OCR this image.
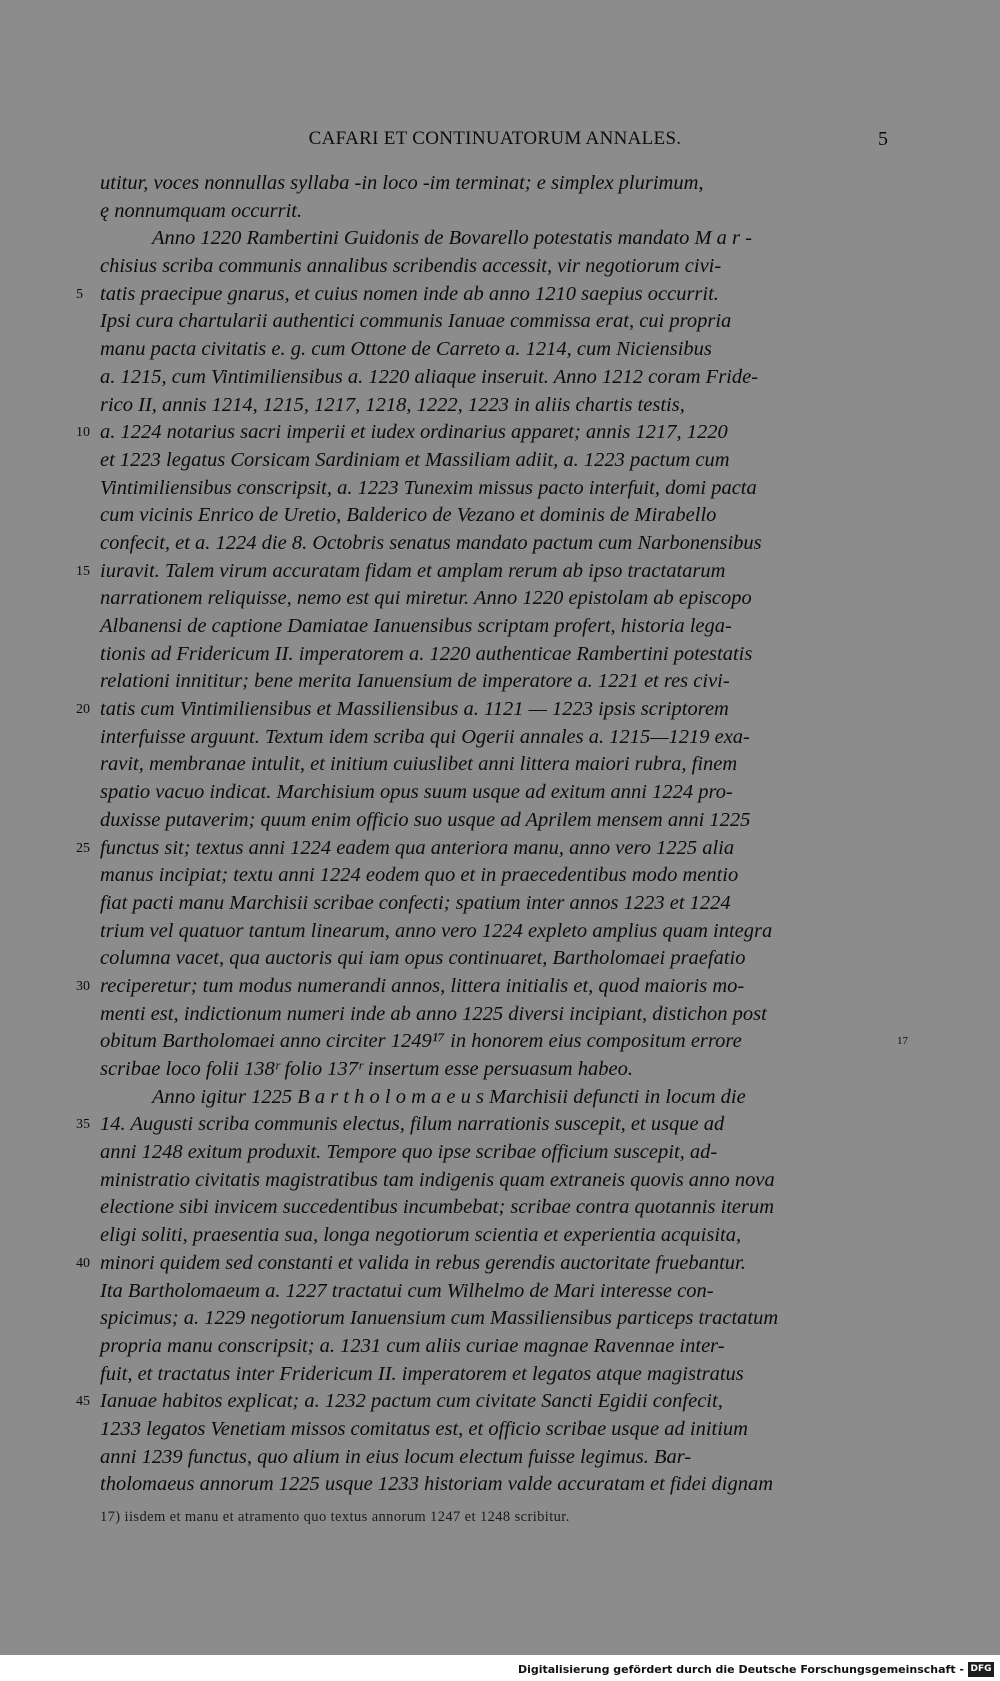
CAFARI ET CONTINUATORUM ANNALES.	5
utitur, voces nonnullas syllaba -in loco -im terminat; e simplex plurimum,
ę nonnumquam occurrit.
Anno 1220 Rambertini Guidonis de Bovarello potestatis mandato M a r -
chisius scriba communis annalibus scribendis accessit, vir negotiorum civi-
5 tatis praecipue gnarus, et cuius nomen inde ab anno 1210 saepius occurrit.
Ipsi cura chartularii authentici communis Ianuae commissa erat, cui propria
manu pacta civitatis e. g. cum Ottone de Carreto a. 1214, cum Niciensibus
a. 1215, cum Vintimiliensibus a. 1220 aliaque inseruit. Anno 1212 coram Fride-
rico II, annis 1214, 1215, 1217, 1218, 1222, 1223 in aliis chartis testis,
10 a. 1224 notarius sacri imperii et iudex ordinarius apparet; annis 1217, 1220
et 1223 legatus Corsicam Sardiniam et Massiliam adiit, a. 1223 pactum cum
Vintimiliensibus conscripsit, a. 1223 Tunexim missus pacto interfuit, domi pacta
cum vicinis Enrico de Uretio, Balderico de Vezano et dominis de Mirabello
confecit, et a. 1224 die 8. Octobris senatus mandato pactum cum Narbonensibus
15 iuravit. Talem virum accuratam fidam et amplam rerum ab ipso tractatarum
narrationem reliquisse, nemo est qui miretur. Anno 1220 epistolam ab episcopo
Albanensi de captione Damiatae Ianuensibus scriptam profert, historia lega-
tionis ad Fridericum II. imperatorem a. 1220 authenticae Rambertini potestatis
relationi innititur; bene merita Ianuensium de imperatore a. 1221 et res civi-
20 tatis cum Vintimiliensibus et Massiliensibus a. 1121 — 1223 ipsis scriptorem
interfuisse arguunt. Textum idem scriba qui Ogerii annales a. 1215—1219 exa-
ravit, membranae intulit, et initium cuiuslibet anni littera maiori rubra, finem
spatio vacuo indicat. Marchisium opus suum usque ad exitum anni 1224 pro-
duxisse putaverim; quum enim officio suo usque ad Aprilem mensem anni 1225
25 functus sit; textus anni 1224 eadem qua anteriora manu, anno vero 1225 alia
manus incipiat; textu anni 1224 eodem quo et in praecedentibus modo mentio
fiat pacti manu Marchisii scribae confecti; spatium inter annos 1223 et 1224
trium vel quatuor tantum linearum, anno vero 1224 expleto amplius quam integra
columna vacet, qua auctoris qui iam opus continuaret, Bartholomaei praefatio
30 reciperetur; tum modus numerandi annos, littera initialis et, quod maioris mo-
menti est, indictionum numeri inde ab anno 1225 diversi incipiant, distichon post
obitum Bartholomaei anno circiter 1249¹⁷ in honorem eius compositum errore	17
scribae loco folii 138ʳ folio 137ʳ insertum esse persuasum habeo.
Anno igitur 1225 B a r t h o l o m a e u s Marchisii defuncti in locum die
35 14. Augusti scriba communis electus, filum narrationis suscepit, et usque ad
anni 1248 exitum produxit. Tempore quo ipse scribae officium suscepit, ad-
ministratio civitatis magistratibus tam indigenis quam extraneis quovis anno nova
electione sibi invicem succedentibus incumbebat; scribae contra quotannis iterum
eligi soliti, praesentia sua, longa negotiorum scientia et experientia acquisita,
40 minori quidem sed constanti et valida in rebus gerendis auctoritate fruebantur.
Ita Bartholomaeum a. 1227 tractatui cum Wilhelmo de Mari interesse con-
spicimus; a. 1229 negotiorum Ianuensium cum Massiliensibus particeps tractatum
propria manu conscripsit; a. 1231 cum aliis curiae magnae Ravennae inter-
fuit, et tractatus inter Fridericum II. imperatorem et legatos atque magistratus
45 Ianuae habitos explicat; a. 1232 pactum cum civitate Sancti Egidii confecit,
1233 legatos Venetiam missos comitatus est, et officio scribae usque ad initium
anni 1239 functus, quo alium in eius locum electum fuisse legimus. Bar-
tholomaeus annorum 1225 usque 1233 historiam valde accuratam et fidei dignam
17) iisdem et manu et atramento quo textus annorum 1247 et 1248 scribitur.
Digitalisierung gefördert durch die Deutsche Forschungsgemeinschaft - DFG
